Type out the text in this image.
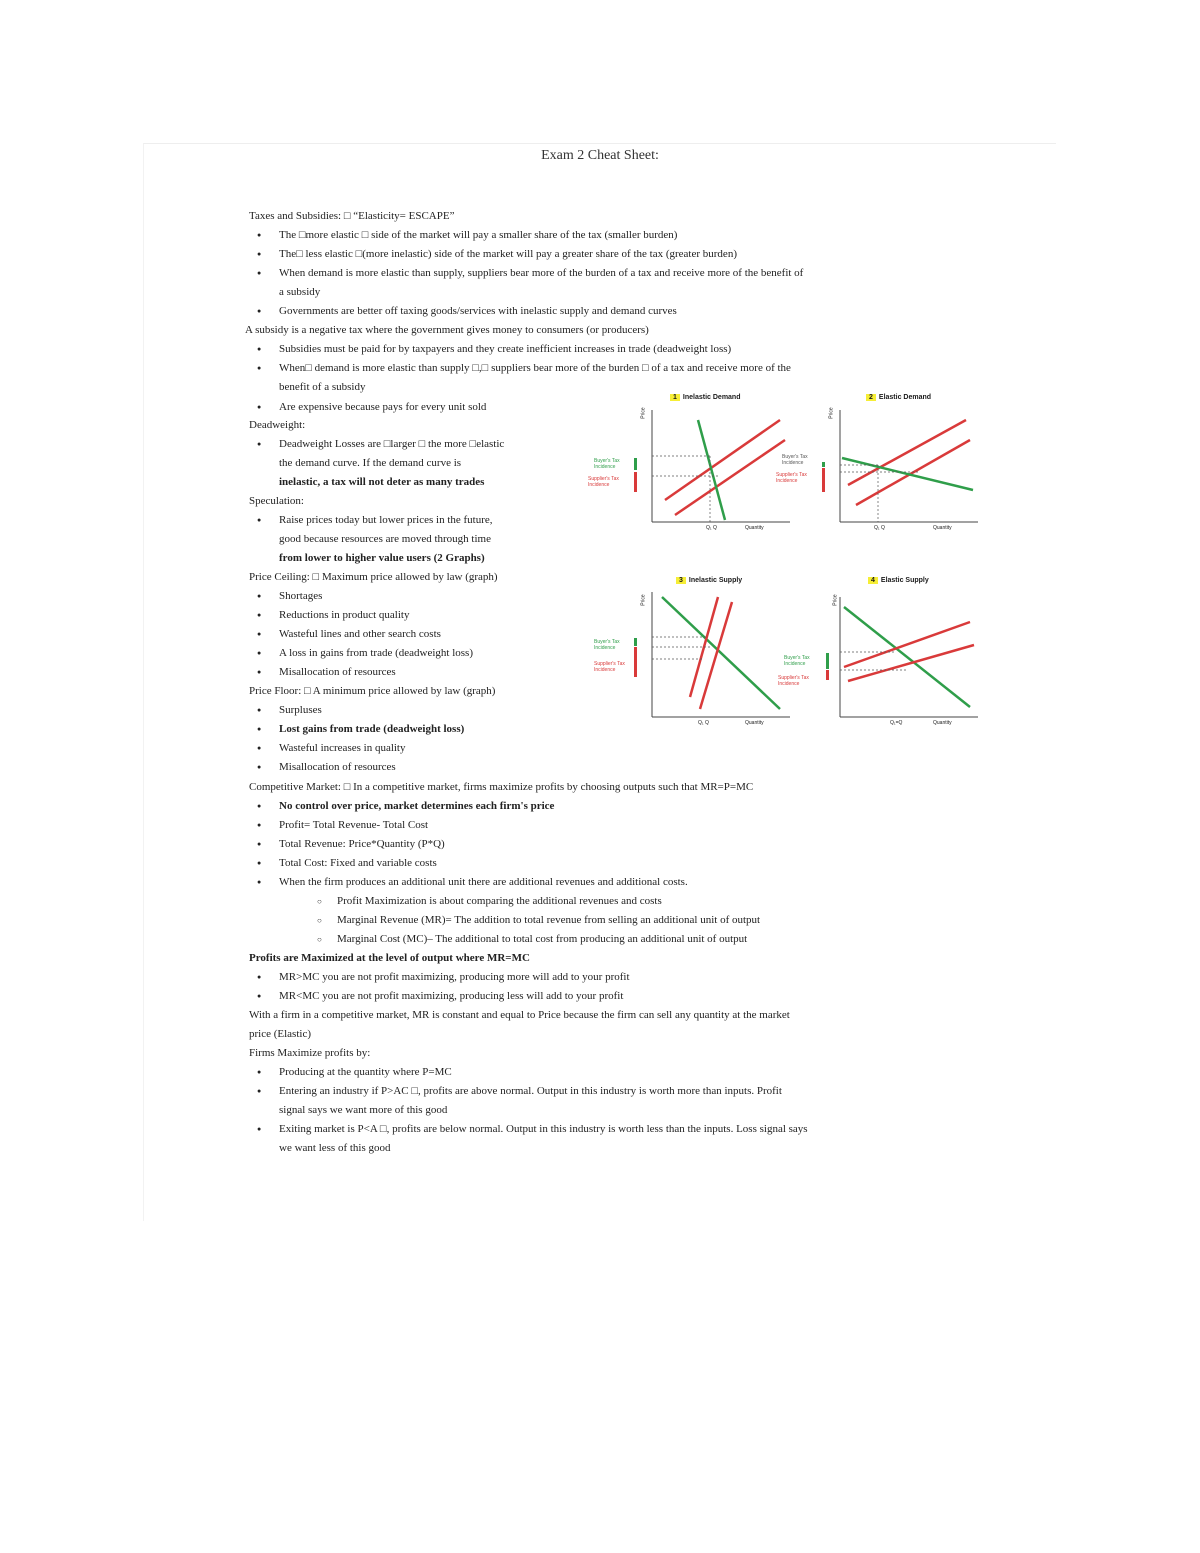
Exam 2 Cheat Sheet:
Taxes and Subsidies: □ “Elasticity= ESCAPE”
● The □more elastic □ side of the market will pay a smaller share of the tax (smaller burden)
● The□ less elastic □(more inelastic) side of the market will pay a greater share of the tax (greater burden)
● When demand is more elastic than supply, suppliers bear more of the burden of a tax and receive more of the benefit of
a subsidy
● Governments are better off taxing goods/services with inelastic supply and demand curves
A subsidy is a negative tax where the government gives money to consumers (or producers)
● Subsidies must be paid for by taxpayers and they create inefficient increases in trade (deadweight loss)
● When□ demand is more elastic than supply □,□ suppliers bear more of the burden □ of a tax and receive more of the
benefit of a subsidy
● Are expensive because pays for every unit sold
Deadweight:
● Deadweight Losses are □larger □ the more □elastic
the demand curve. If the demand curve is
inelastic, a tax will not deter as many trades
Speculation:
● Raise prices today but lower prices in the future,
good because resources are moved through time
from lower to higher value users (2 Graphs)
Price Ceiling: □ Maximum price allowed by law (graph)
● Shortages
● Reductions in product quality
● Wasteful lines and other search costs
● A loss in gains from trade (deadweight loss)
● Misallocation of resources
Price Floor: □ A minimum price allowed by law (graph)
● Surpluses
● Lost gains from trade (deadweight loss)
● Wasteful increases in quality
● Misallocation of resources
Competitive Market: □ In a competitive market, firms maximize profits by choosing outputs such that MR=P=MC
● No control over price, market determines each firm's price
● Profit= Total Revenue- Total Cost
● Total Revenue: Price*Quantity (P*Q)
● Total Cost: Fixed and variable costs
● When the firm produces an additional unit there are additional revenues and additional costs.
○ Profit Maximization is about comparing the additional revenues and costs
○ Marginal Revenue (MR)= The addition to total revenue from selling an additional unit of output
○ Marginal Cost (MC)– The additional to total cost from producing an additional unit of output
Profits are Maximized at the level of output where MR=MC
● MR>MC you are not profit maximizing, producing more will add to your profit
● MR<MC you are not profit maximizing, producing less will add to your profit
With a firm in a competitive market, MR is constant and equal to Price because the firm can sell any quantity at the market
price (Elastic)
Firms Maximize profits by:
● Producing at the quantity where P=MC
● Entering an industry if P>AC □, profits are above normal. Output in this industry is worth more than inputs. Profit
signal says we want more of this good
● Exiting market is P<A □, profits are below normal. Output in this industry is worth less than the inputs. Loss signal says
we want less of this good
1 Inelastic Demand
Buyer's Tax Incidence
Supplier's Tax Incidence
Q₁ Q	Quantity
Price
2 Elastic Demand
Buyer's Tax Incidence
Supplier's Tax Incidence
Q₁ Q	Quantity
Price
3 Inelastic Supply
Buyer's Tax Incidence
Supplier's Tax Incidence
Q₁ Q	Quantity
Price
4 Elastic Supply
Buyer's Tax Incidence
Supplier's Tax Incidence
Q₁=Q	Quantity
Price
